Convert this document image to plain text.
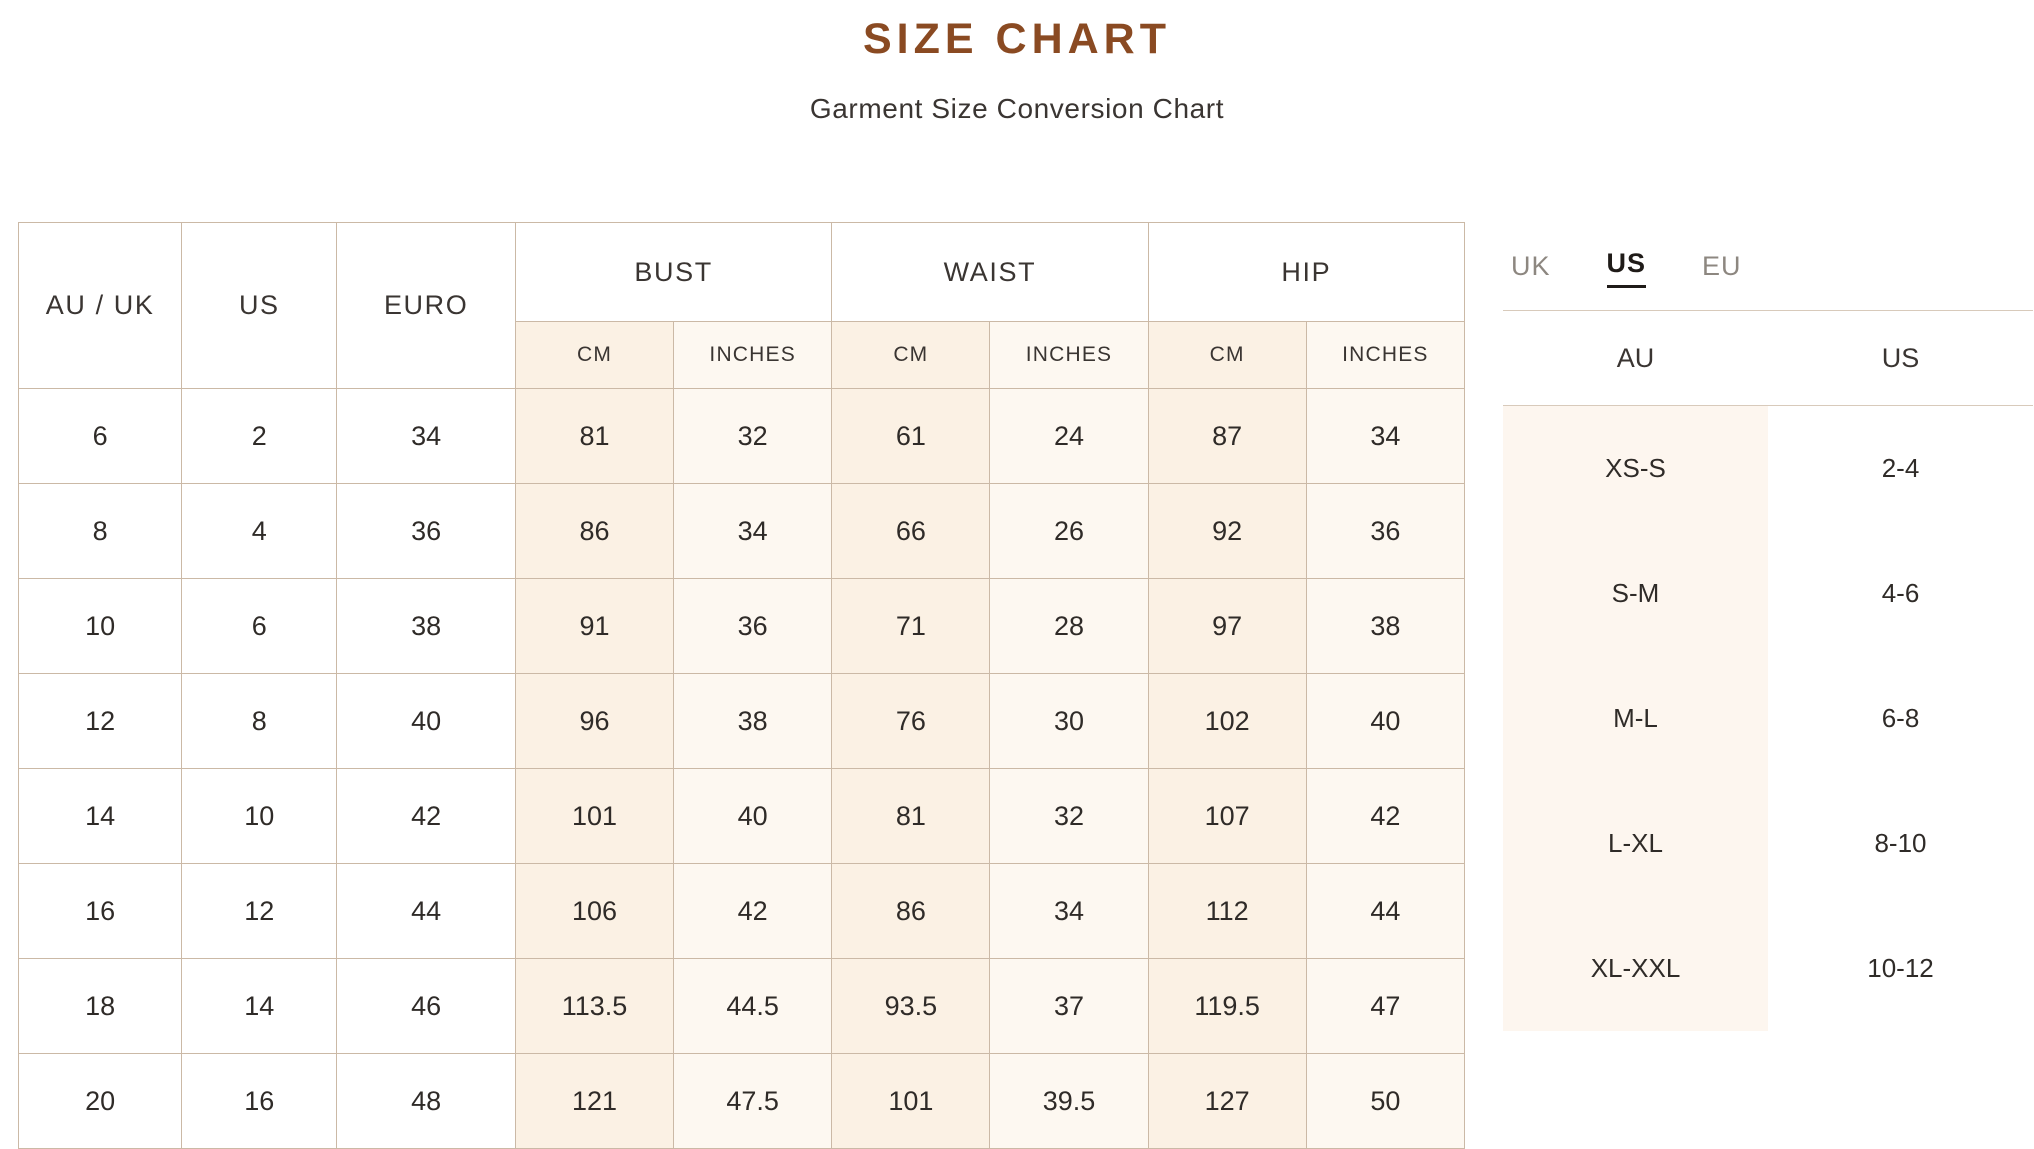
SIZE CHART
Garment Size Conversion Chart
AU / UK	US	EURO	BUST		WAIST		HIP	
			CM	INCHES	CM	INCHES	CM	INCHES
6	2	34	81	32	61	24	87	34
8	4	36	86	34	66	26	92	36
10	6	38	91	36	71	28	97	38
12	8	40	96	38	76	30	102	40
14	10	42	101	40	81	32	107	42
16	12	44	106	42	86	34	112	44
18	14	46	113.5	44.5	93.5	37	119.5	47
20	16	48	121	47.5	101	39.5	127	50
UK US EU
AU	US
XS-S	2-4
S-M	4-6
M-L	6-8
L-XL	8-10
XL-XXL	10-12
